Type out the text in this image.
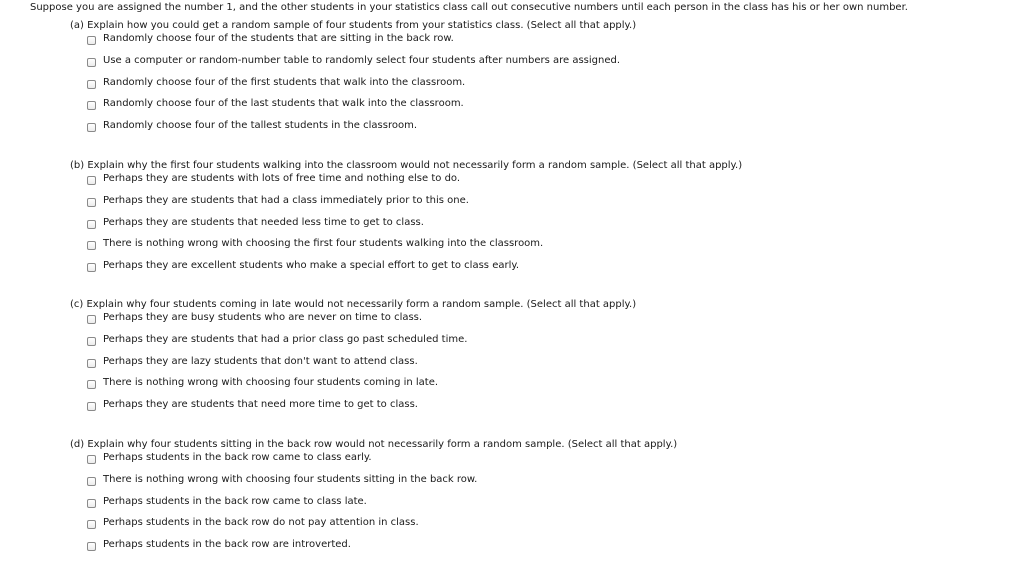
Suppose you are assigned the number 1, and the other students in your statistics class call out consecutive numbers until each person in the class has his or her own number.
(a) Explain how you could get a random sample of four students from your statistics class. (Select all that apply.)
Randomly choose four of the students that are sitting in the back row.
Use a computer or random-number table to randomly select four students after numbers are assigned.
Randomly choose four of the first students that walk into the classroom.
Randomly choose four of the last students that walk into the classroom.
Randomly choose four of the tallest students in the classroom.
(b) Explain why the first four students walking into the classroom would not necessarily form a random sample. (Select all that apply.)
Perhaps they are students with lots of free time and nothing else to do.
Perhaps they are students that had a class immediately prior to this one.
Perhaps they are students that needed less time to get to class.
There is nothing wrong with choosing the first four students walking into the classroom.
Perhaps they are excellent students who make a special effort to get to class early.
(c) Explain why four students coming in late would not necessarily form a random sample. (Select all that apply.)
Perhaps they are busy students who are never on time to class.
Perhaps they are students that had a prior class go past scheduled time.
Perhaps they are lazy students that don't want to attend class.
There is nothing wrong with choosing four students coming in late.
Perhaps they are students that need more time to get to class.
(d) Explain why four students sitting in the back row would not necessarily form a random sample. (Select all that apply.)
Perhaps students in the back row came to class early.
There is nothing wrong with choosing four students sitting in the back row.
Perhaps students in the back row came to class late.
Perhaps students in the back row do not pay attention in class.
Perhaps students in the back row are introverted.
